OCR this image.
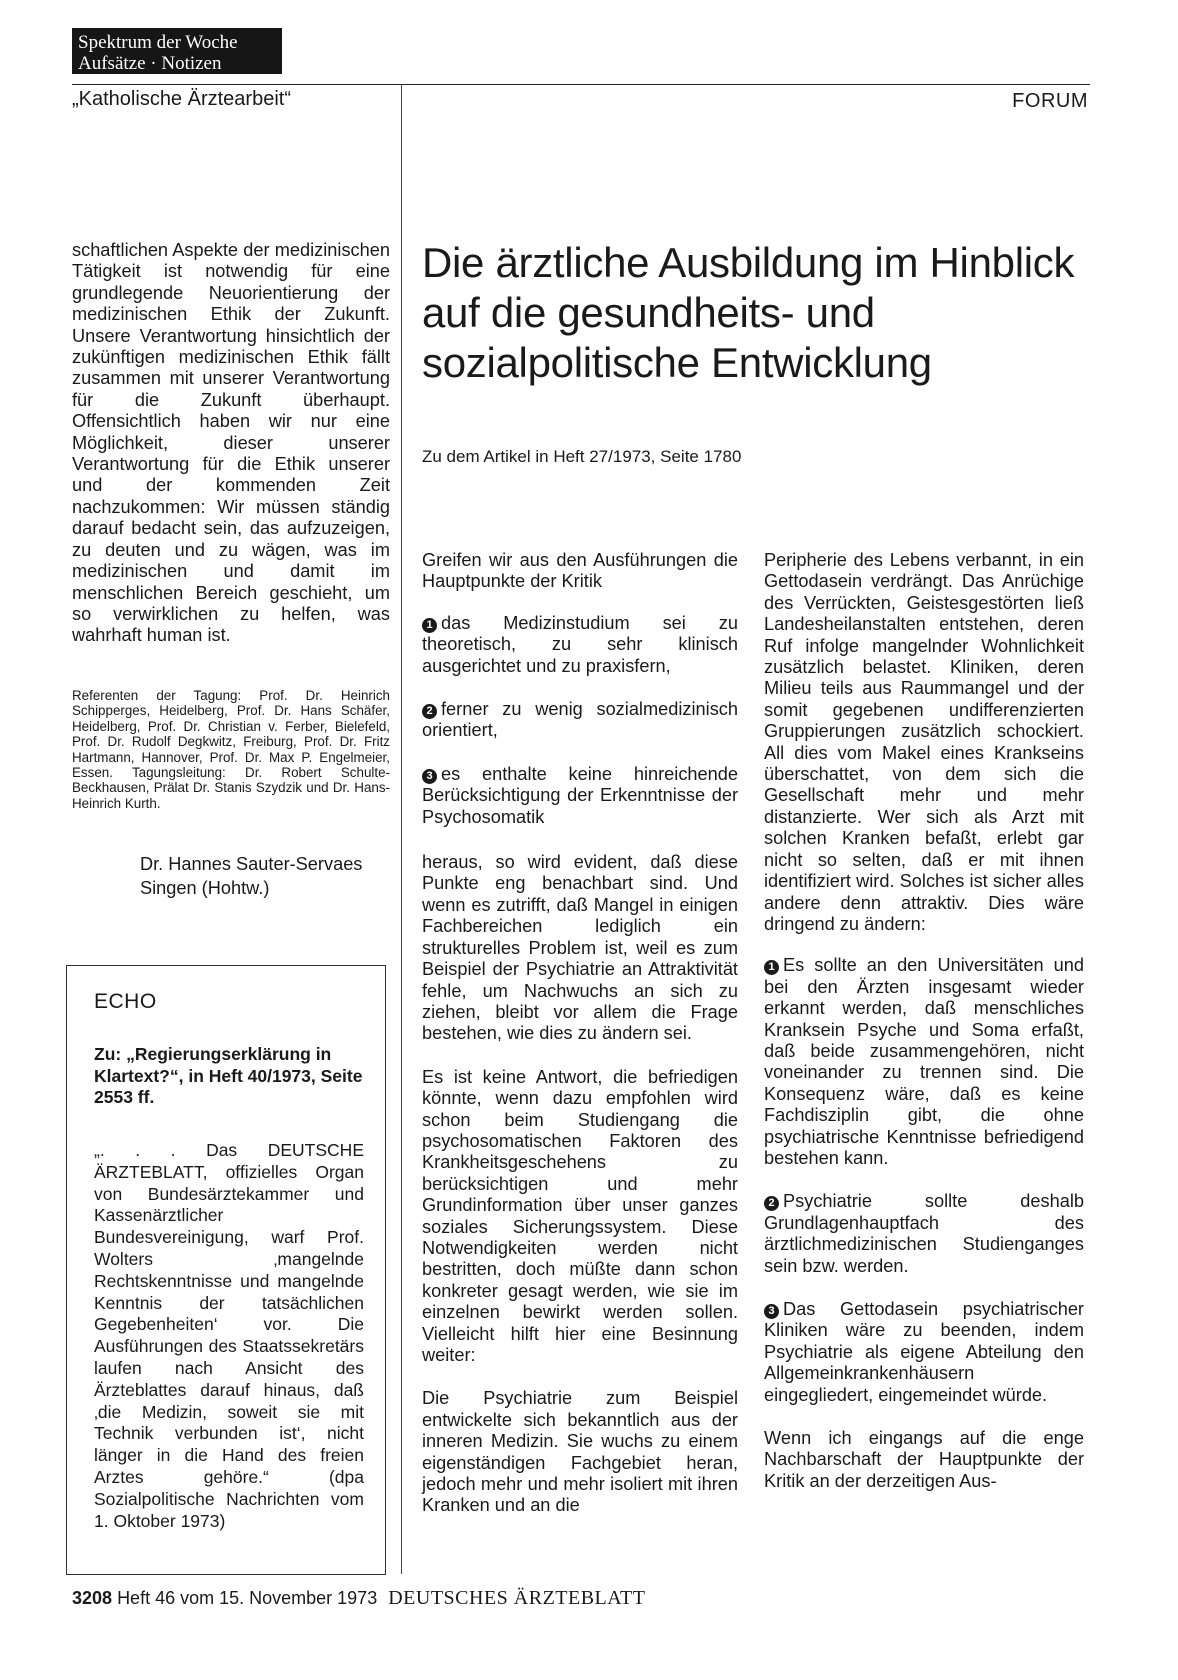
Spektrum der Woche
Aufsätze · Notizen
„Katholische Ärztearbeit“	FORUM

schaftlichen Aspekte der medizinischen Tätigkeit ist notwendig für eine grundlegende Neuorientierung der medizinischen Ethik der Zukunft. Unsere Verantwortung hinsichtlich der zukünftigen medizinischen Ethik fällt zusammen mit unserer Verantwortung für die Zukunft überhaupt. Offensichtlich haben wir nur eine Möglichkeit, dieser unserer Verantwortung für die Ethik unserer und der kommenden Zeit nachzukommen: Wir müssen ständig darauf bedacht sein, das aufzuzeigen, zu deuten und zu wägen, was im medizinischen und damit im menschlichen Bereich geschieht, um so verwirklichen zu helfen, was wahrhaft human ist.

Referenten der Tagung: Prof. Dr. Heinrich Schipperges, Heidelberg, Prof. Dr. Hans Schäfer, Heidelberg, Prof. Dr. Christian v. Ferber, Bielefeld, Prof. Dr. Rudolf Degkwitz, Freiburg, Prof. Dr. Fritz Hartmann, Hannover, Prof. Dr. Max P. Engelmeier, Essen. Tagungsleitung: Dr. Robert Schulte-Beckhausen, Prälat Dr. Stanis Szydzik und Dr. Hans-Heinrich Kurth.

Dr. Hannes Sauter-Servaes
Singen (Hohtw.)
ECHO

Zu: „Regierungserklärung in Klartext?“, in Heft 40/1973, Seite 2553 ff.

„. . . Das DEUTSCHE ÄRZTEBLATT, offizielles Organ von Bundesärztekammer und Kassenärztlicher Bundesvereinigung, warf Prof. Wolters ‚mangelnde Rechtskenntnisse und mangelnde Kenntnis der tatsächlichen Gegebenheiten‘ vor. Die Ausführungen des Staatssekretärs laufen nach Ansicht des Ärzteblattes darauf hinaus, daß ‚die Medizin, soweit sie mit Technik verbunden ist‘, nicht länger in die Hand des freien Arztes gehöre.“ (dpa Sozialpolitische Nachrichten vom 1. Oktober 1973)

Die ärztliche Ausbildung im Hinblick auf die gesundheits- und sozialpolitische Entwicklung
Zu dem Artikel in Heft 27/1973, Seite 1780

Greifen wir aus den Ausführungen die Hauptpunkte der Kritik

1 das Medizinstudium sei zu theoretisch, zu sehr klinisch ausgerichtet und zu praxisfern,

2 ferner zu wenig sozialmedizinisch orientiert,

3 es enthalte keine hinreichende Berücksichtigung der Erkenntnisse der Psychosomatik

heraus, so wird evident, daß diese Punkte eng benachbart sind. Und wenn es zutrifft, daß Mangel in einigen Fachbereichen lediglich ein strukturelles Problem ist, weil es zum Beispiel der Psychiatrie an Attraktivität fehle, um Nachwuchs an sich zu ziehen, bleibt vor allem die Frage bestehen, wie dies zu ändern sei.

Es ist keine Antwort, die befriedigen könnte, wenn dazu empfohlen wird schon beim Studiengang die psychosomatischen Faktoren des Krankheitsgeschehens zu berücksichtigen und mehr Grundinformation über unser ganzes soziales Sicherungssystem. Diese Notwendigkeiten werden nicht bestritten, doch müßte dann schon konkreter gesagt werden, wie sie im einzelnen bewirkt werden sollen. Vielleicht hilft hier eine Besinnung weiter:

Die Psychiatrie zum Beispiel entwickelte sich bekanntlich aus der inneren Medizin. Sie wuchs zu einem eigenständigen Fachgebiet heran, jedoch mehr und mehr isoliert mit ihren Kranken und an die

Peripherie des Lebens verbannt, in ein Gettodasein verdrängt. Das Anrüchige des Verrückten, Geistesgestörten ließ Landesheilanstalten entstehen, deren Ruf infolge mangelnder Wohnlichkeit zusätzlich belastet. Kliniken, deren Milieu teils aus Raummangel und der somit gegebenen undifferenzierten Gruppierungen zusätzlich schockiert. All dies vom Makel eines Krankseins überschattet, von dem sich die Gesellschaft mehr und mehr distanzierte. Wer sich als Arzt mit solchen Kranken befaßt, erlebt gar nicht so selten, daß er mit ihnen identifiziert wird. Solches ist sicher alles andere denn attraktiv. Dies wäre dringend zu ändern:

1 Es sollte an den Universitäten und bei den Ärzten insgesamt wieder erkannt werden, daß menschliches Kranksein Psyche und Soma erfaßt, daß beide zusammengehören, nicht voneinander zu trennen sind. Die Konsequenz wäre, daß es keine Fachdisziplin gibt, die ohne psychiatrische Kenntnisse befriedigend bestehen kann.

2 Psychiatrie sollte deshalb Grundlagenhauptfach des ärztlichmedizinischen Studienganges sein bzw. werden.

3 Das Gettodasein psychiatrischer Kliniken wäre zu beenden, indem Psychiatrie als eigene Abteilung den Allgemeinkrankenhäusern eingegliedert, eingemeindet würde.

Wenn ich eingangs auf die enge Nachbarschaft der Hauptpunkte der Kritik an der derzeitigen Aus-

3208 Heft 46 vom 15. November 1973 DEUTSCHES ÄRZTEBLATT
